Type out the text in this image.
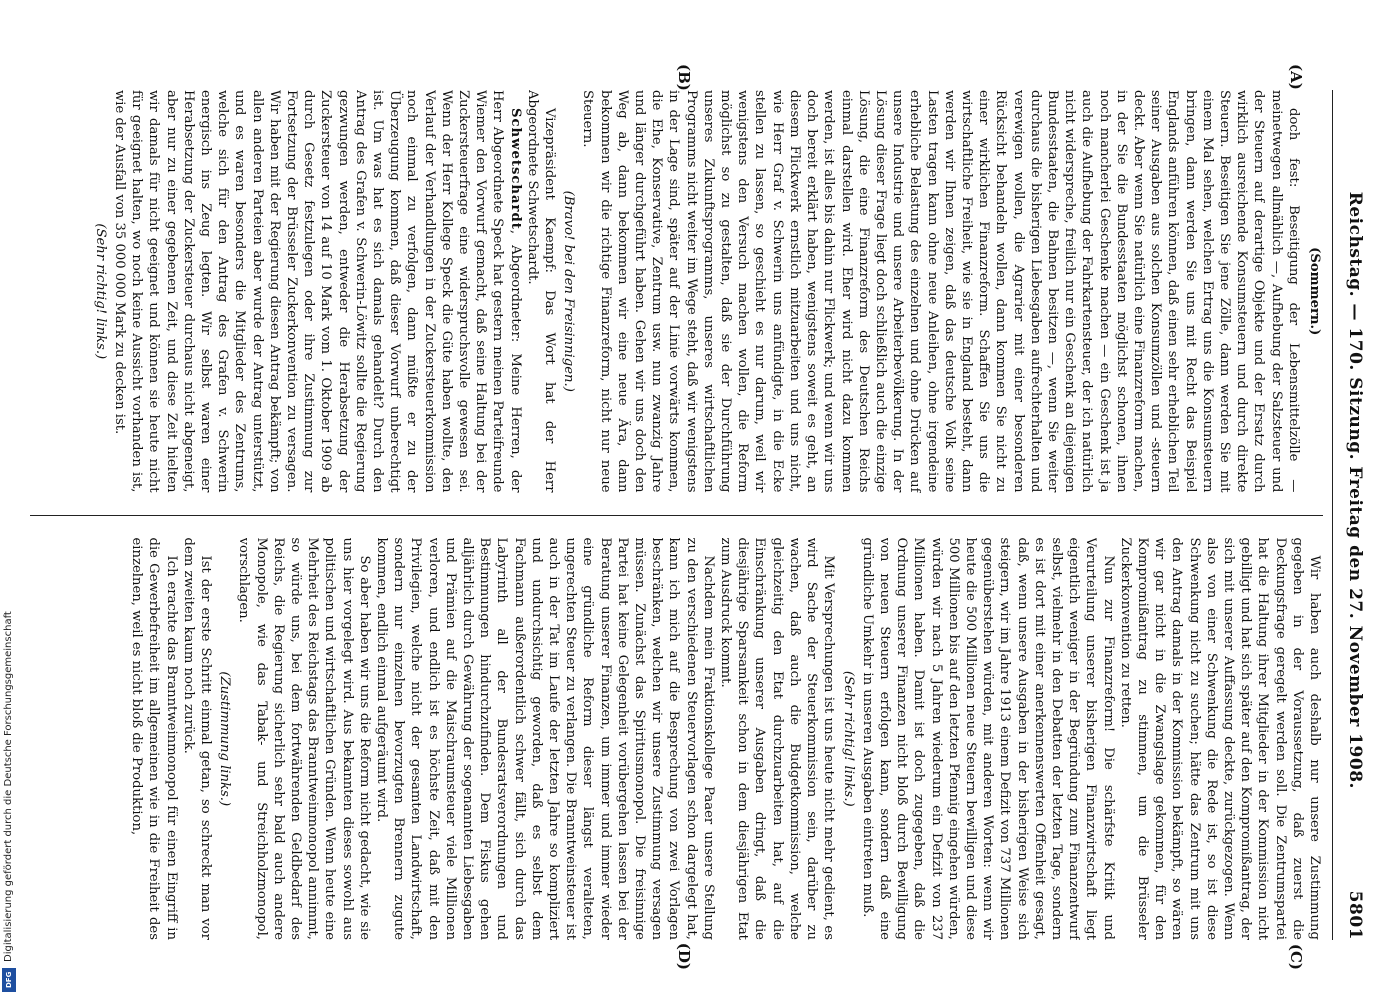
Digitalisierung gefördert durch die Deutsche Forschungsgemeinschaft
DFG
Reichstag. — 170. Sitzung. Freitag den 27. November 1908.
5801
(A)
(B)
(C)
(D)

(Sommern.)

doch fest: Beseitigung der Lebensmittelzölle — meinetwegen allmählich —, Aufhebung der Salzsteuer und der Steuern auf derartige Objekte und der Ersatz durch wirklich ausreichende Konsumsteuern und durch direkte Steuern. Beseitigen Sie jene Zölle, dann werden Sie mit einem Mal sehen, welchen Ertrag uns die Konsumsteuern bringen, dann werden Sie uns mit Recht das Beispiel Englands anführen können, daß einen sehr erheblichen Teil seiner Ausgaben aus solchen Konsumzöllen und -steuern deckt. Aber wenn Sie natürlich eine Finanzreform machen, in der Sie die Bundesstaaten möglichst schonen, ihnen noch mancherlei Geschenke machen — ein Geschenk ist ja auch die Aufhebung der Fahrkartensteuer, der ich natürlich nicht widerspreche, freilich nur ein Geschenk an diejenigen Bundesstaaten, die Bahnen besitzen —, wenn Sie weiter durchaus die bisherigen Liebesgaben aufrechterhalten und verewigen wollen, die Agrarier mit einer besonderen Rücksicht behandeln wollen, dann kommen Sie nicht zu einer wirklichen Finanzreform. Schaffen Sie uns die wirtschaftliche Freiheit, wie sie in England besteht, dann werden wir Ihnen zeigen, daß das deutsche Volk seine Lasten tragen kann ohne neue Anleihen, ohne irgendeine erhebliche Belastung des einzelnen und ohne Drücken auf unsere Industrie und unsere Arbeiterbevölkerung. In der Lösung dieser Frage liegt doch schließlich auch die einzige Lösung, die eine Finanzreform des Deutschen Reichs einmal darstellen wird. Eher wird nicht dazu kommen werden, ist alles bis dahin nur Flickwerk; und wenn wir uns doch bereit erklärt haben, wenigstens soweit es geht, an diesem Flickwerk ernstlich mitzuarbeiten und uns nicht, wie Herr Graf v. Schwerin uns anfündigte, in die Ecke stellen zu lassen, so geschieht es nur darum, weil wir wenigstens den Versuch machen wollen, die Reform möglichst so zu gestalten, daß sie der Durchführung unseres Zukunftsprogramms, unseres wirtschaftlichen Programms nicht weiter im Wege steht, daß wir wenigstens in der Lage sind, später auf der Linie vorwärts kommen, die Ehe, Konservative, Zentrum usw. nun zwanzig Jahre und länger durchgeführt haben. Gehen wir uns doch den Weg ab, dann bekommen wir eine neue Ära, dann bekommen wir die richtige Finanzreform, nicht nur neue Steuern.

(Bravo! bei den Freisinnigen.)

Vizepräsident Kaempf: Das Wort hat der Herr Abgeordnete Schwetschardt.

Schwetschardt, Abgeordneter: Meine Herren, der Herr Abgeordnete Speck hat gestern meinen Parteifreunde Wiemer den Vorwurf gemacht, daß seine Haltung bei der Zuckersteuerfrage eine widerspruchsvolle gewesen sei. Wenn der Herr Kollege Speck die Güte haben wollte, den Verlauf der Verhandlungen in der Zuckersteuerkommission noch einmal zu verfolgen, dann müßte er zu der Überzeugung kommen, daß dieser Vorwurf unberechtigt ist. Um was hat es sich damals gehandelt? Durch den Antrag des Grafen v. Schwerin-Löwitz sollte die Regierung gezwungen werden, entweder die Herabsetzung der Zuckersteuer von 14 auf 10 Mark vom 1. Oktober 1909 ab durch Gesetz festzulegen oder ihre Zustimmung zur Fortsetzung der Brüsseler Zuckerkonvention zu versagen. Wir haben mit der Regierung diesen Antrag bekämpft; von allen anderen Parteien aber wurde der Antrag unterstützt, und es waren besonders die Mitglieder des Zentrums, welche sich für den Antrag des Grafen v. Schwerin energisch ins Zeug legten. Wir selbst waren einer Herabsetzung der Zuckersteuer durchaus nicht abgeneigt, aber nur zu einer gegebenen Zeit, und diese Zeit hielten wir damals für nicht geeignet und können sie heute nicht für geeignet halten, wo noch keine Aussicht vorhanden ist, wie der Ausfall von 35 000 000 Mark zu decken ist.

(Sehr richtig! links.)

Wir haben auch deshalb nur unsere Zustimmung gegeben in der Voraussetzung, daß zuerst die Deckungsfrage geregelt werden soll. Die Zentrumspartei hat die Haltung ihrer Mitglieder in der Kommission nicht gebilligt und hat sich später auf den Kompromißantrag, der sich mit unserer Auffassung deckte, zurückgezogen. Wenn also von einer Schwenkung die Rede ist, so ist diese Schwenkung nicht zu suchen; hätte das Zentrum mit uns den Antrag damals in der Kommission bekämpft, so wären wir gar nicht in die Zwangslage gekommen, für den Kompromißantrag zu stimmen, um die Brüsseler Zuckerkonvention zu retten.

Nun zur Finanzreform! Die schärfste Kritik und Verurteilung unserer bisherigen Finanzwirtschaft liegt eigentlich weniger in der Begründung zum Finanzentwurf selbst, vielmehr in den Debatten der letzten Tage, sondern es ist dort mit einer anerkennenswerten Offenheit gesagt, daß, wenn unsere Ausgaben in der bisherigen Weise sich steigern, wir im Jahre 1913 einem Defizit von 737 Millionen gegenüberstehen würden, mit anderen Worten: wenn wir heute die 500 Millionen neue Steuern bewilligen und diese 500 Millionen bis auf den letzten Pfennig eingehen würden, würden wir nach 5 Jahren wiederum ein Defizit von 237 Millionen haben. Damit ist doch zugegeben, daß die Ordnung unserer Finanzen nicht bloß durch Bewilligung von neuen Steuern erfolgen kann, sondern daß eine gründliche Umkehr in unseren Ausgaben eintreten muß.

(Sehr richtig! links.)

Mit Versprechungen ist uns heute nicht mehr gedient, es wird Sache der Steuerkommission sein, darüber zu wachen, daß auch die Budgetkommission, welche gleichzeitig den Etat durchzuarbeiten hat, auf die Einschränkung unserer Ausgaben dringt, daß die diesjährige Sparsamkeit schon in dem diesjährigen Etat zum Ausdruck kommt.

Nachdem mein Fraktionskollege Paaer unsere Stellung zu den verschiedenen Steuervorlagen schon dargelegt hat, kann ich mich auf die Besprechung von zwei Vorlagen beschränken, welchen wir unsere Zustimmung versagen müssen. Zunächst das Spiritusmonopol. Die freisinnige Partei hat keine Gelegenheit vorübergehen lassen bei der Beratung unserer Finanzen, um immer und immer wieder eine gründliche Reform dieser längst veralteten, ungerechten Steuer zu verlangen. Die Branntweinsteuer ist auch in der Tat im Laufe der letzten Jahre so kompliziert und undurchsichtig geworden, daß es selbst dem Fachmann außerordentlich schwer fällt, sich durch das Labyrinth all der Bundesratsverordnungen und Bestimmungen hindurchzufinden. Dem Fiskus gehen alljährlich durch Gewährung der sogenannten Liebesgaben und Prämien auf die Maischraumsteuer viele Millionen verloren, und endlich ist es höchste Zeit, daß mit den Privilegien, welche nicht der gesamten Landwirtschaft, sondern nur einzelnen bevorzugten Brennern zugute kommen, endlich einmal aufgeräumt wird.

So aber haben wir uns die Reform nicht gedacht, wie sie uns hier vorgelegt wird. Aus bekannten dieses sowohl aus politischen und wirtschaftlichen Gründen. Wenn heute eine Mehrheit des Reichstags das Branntweinmonopol annimmt, so würde uns, bei dem fortwährenden Geldbedarf des Reichs, die Regierung sicherlich sehr bald auch andere Monopole, wie das Tabak- und Streichholzmonopol, vorschlagen.

(Zustimmung links.)

Ist der erste Schritt einmal getan, so schreckt man vor dem zweiten kaum noch zurück.

Ich erachte das Branntweinmonopol für einen Eingriff in die Gewerbefreiheit im allgemeinen wie in die Freiheit des einzelnen, weil es nicht bloß die Produktion,
